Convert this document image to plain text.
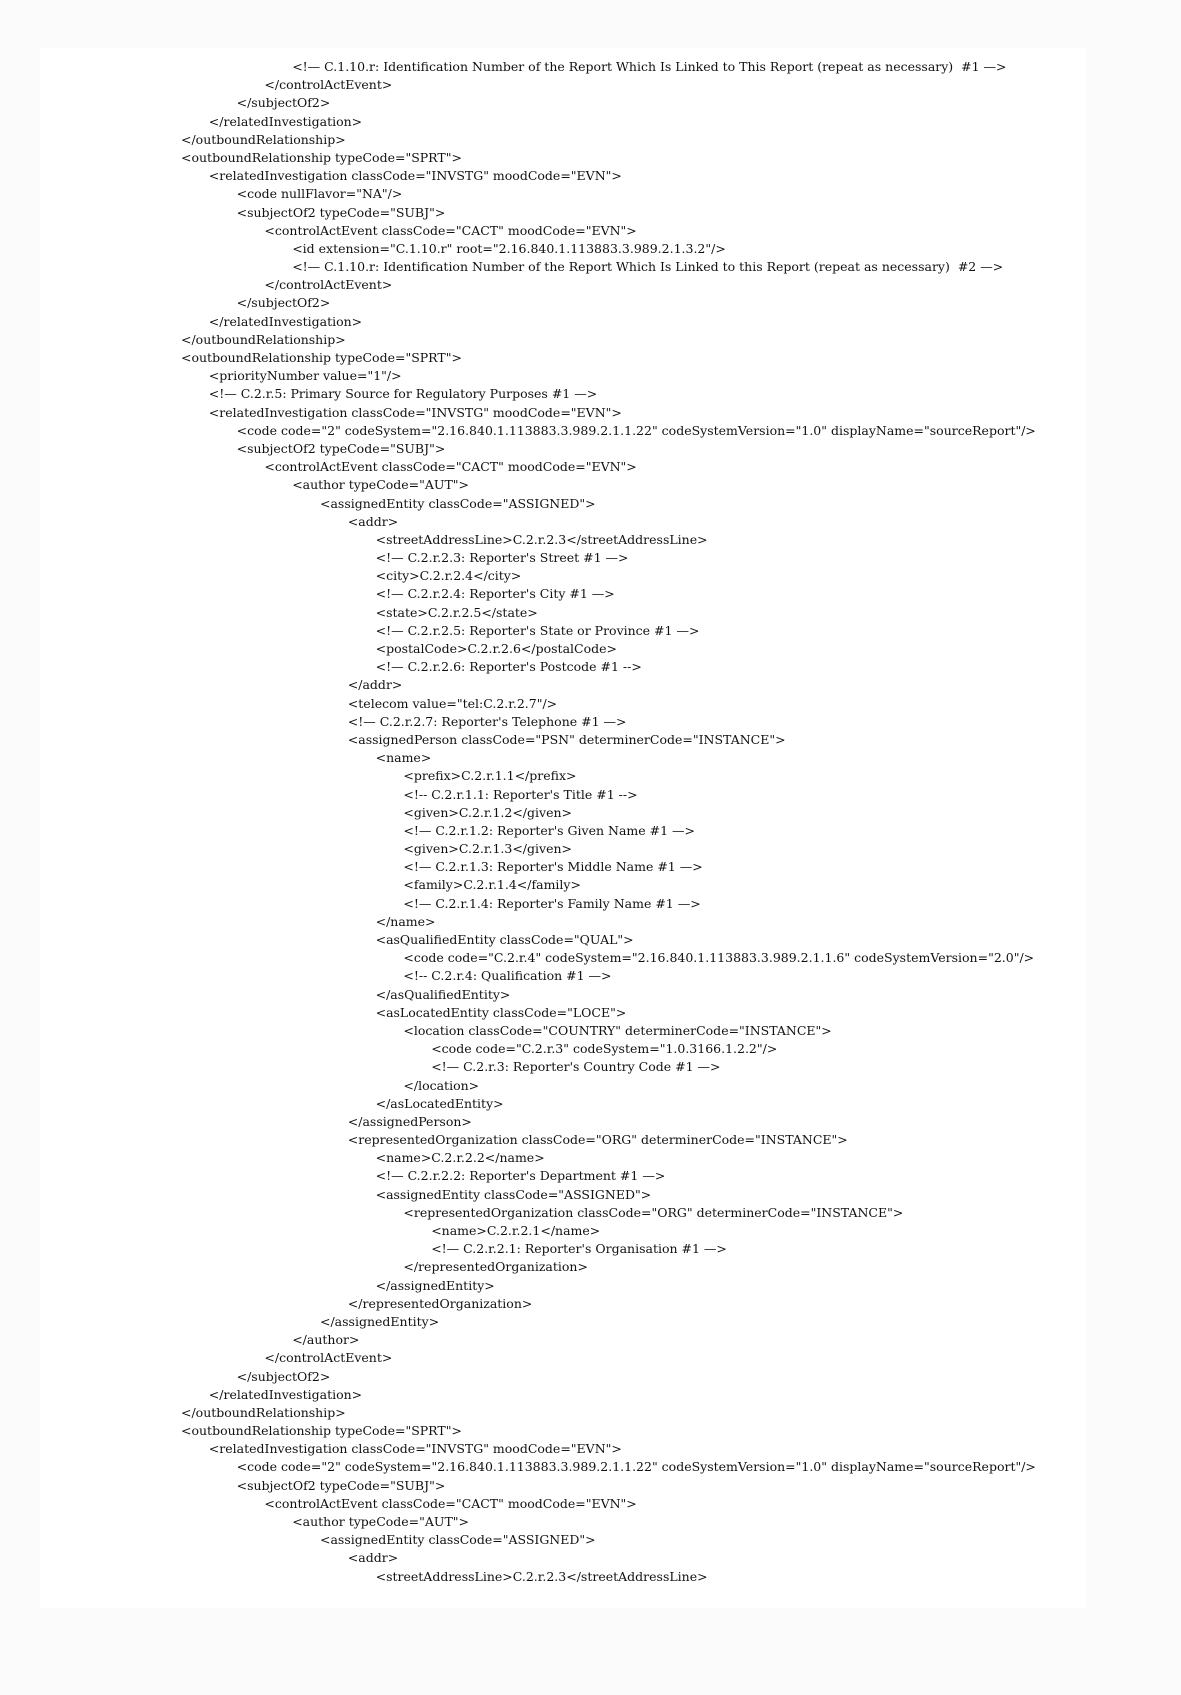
<!— C.1.10.r: Identification Number of the Report Which Is Linked to This Report (repeat as necessary)  #1 —>
</controlActEvent>
</subjectOf2>
</relatedInvestigation>
</outboundRelationship>
<outboundRelationship typeCode="SPRT">
<relatedInvestigation classCode="INVSTG" moodCode="EVN">
<code nullFlavor="NA"/>
<subjectOf2 typeCode="SUBJ">
<controlActEvent classCode="CACT" moodCode="EVN">
<id extension="C.1.10.r" root="2.16.840.1.113883.3.989.2.1.3.2"/>
<!— C.1.10.r: Identification Number of the Report Which Is Linked to this Report (repeat as necessary)  #2 —>
</controlActEvent>
</subjectOf2>
</relatedInvestigation>
</outboundRelationship>
<outboundRelationship typeCode="SPRT">
<priorityNumber value="1"/>
<!— C.2.r.5: Primary Source for Regulatory Purposes #1 —>
<relatedInvestigation classCode="INVSTG" moodCode="EVN">
<code code="2" codeSystem="2.16.840.1.113883.3.989.2.1.1.22" codeSystemVersion="1.0" displayName="sourceReport"/>
<subjectOf2 typeCode="SUBJ">
<controlActEvent classCode="CACT" moodCode="EVN">
<author typeCode="AUT">
<assignedEntity classCode="ASSIGNED">
<addr>
<streetAddressLine>C.2.r.2.3</streetAddressLine>
<!— C.2.r.2.3: Reporter's Street #1 —>
<city>C.2.r.2.4</city>
<!— C.2.r.2.4: Reporter's City #1 —>
<state>C.2.r.2.5</state>
<!— C.2.r.2.5: Reporter's State or Province #1 —>
<postalCode>C.2.r.2.6</postalCode>
<!— C.2.r.2.6: Reporter's Postcode #1 -->
</addr>
<telecom value="tel:C.2.r.2.7"/>
<!— C.2.r.2.7: Reporter's Telephone #1 —>
<assignedPerson classCode="PSN" determinerCode="INSTANCE">
<name>
<prefix>C.2.r.1.1</prefix>
<!-- C.2.r.1.1: Reporter's Title #1 -->
<given>C.2.r.1.2</given>
<!— C.2.r.1.2: Reporter's Given Name #1 —>
<given>C.2.r.1.3</given>
<!— C.2.r.1.3: Reporter's Middle Name #1 —>
<family>C.2.r.1.4</family>
<!— C.2.r.1.4: Reporter's Family Name #1 —>
</name>
<asQualifiedEntity classCode="QUAL">
<code code="C.2.r.4" codeSystem="2.16.840.1.113883.3.989.2.1.1.6" codeSystemVersion="2.0"/>
<!-- C.2.r.4: Qualification #1 —>
</asQualifiedEntity>
<asLocatedEntity classCode="LOCE">
<location classCode="COUNTRY" determinerCode="INSTANCE">
<code code="C.2.r.3" codeSystem="1.0.3166.1.2.2"/>
<!— C.2.r.3: Reporter's Country Code #1 —>
</location>
</asLocatedEntity>
</assignedPerson>
<representedOrganization classCode="ORG" determinerCode="INSTANCE">
<name>C.2.r.2.2</name>
<!— C.2.r.2.2: Reporter's Department #1 —>
<assignedEntity classCode="ASSIGNED">
<representedOrganization classCode="ORG" determinerCode="INSTANCE">
<name>C.2.r.2.1</name>
<!— C.2.r.2.1: Reporter's Organisation #1 —>
</representedOrganization>
</assignedEntity>
</representedOrganization>
</assignedEntity>
</author>
</controlActEvent>
</subjectOf2>
</relatedInvestigation>
</outboundRelationship>
<outboundRelationship typeCode="SPRT">
<relatedInvestigation classCode="INVSTG" moodCode="EVN">
<code code="2" codeSystem="2.16.840.1.113883.3.989.2.1.1.22" codeSystemVersion="1.0" displayName="sourceReport"/>
<subjectOf2 typeCode="SUBJ">
<controlActEvent classCode="CACT" moodCode="EVN">
<author typeCode="AUT">
<assignedEntity classCode="ASSIGNED">
<addr>
<streetAddressLine>C.2.r.2.3</streetAddressLine>
